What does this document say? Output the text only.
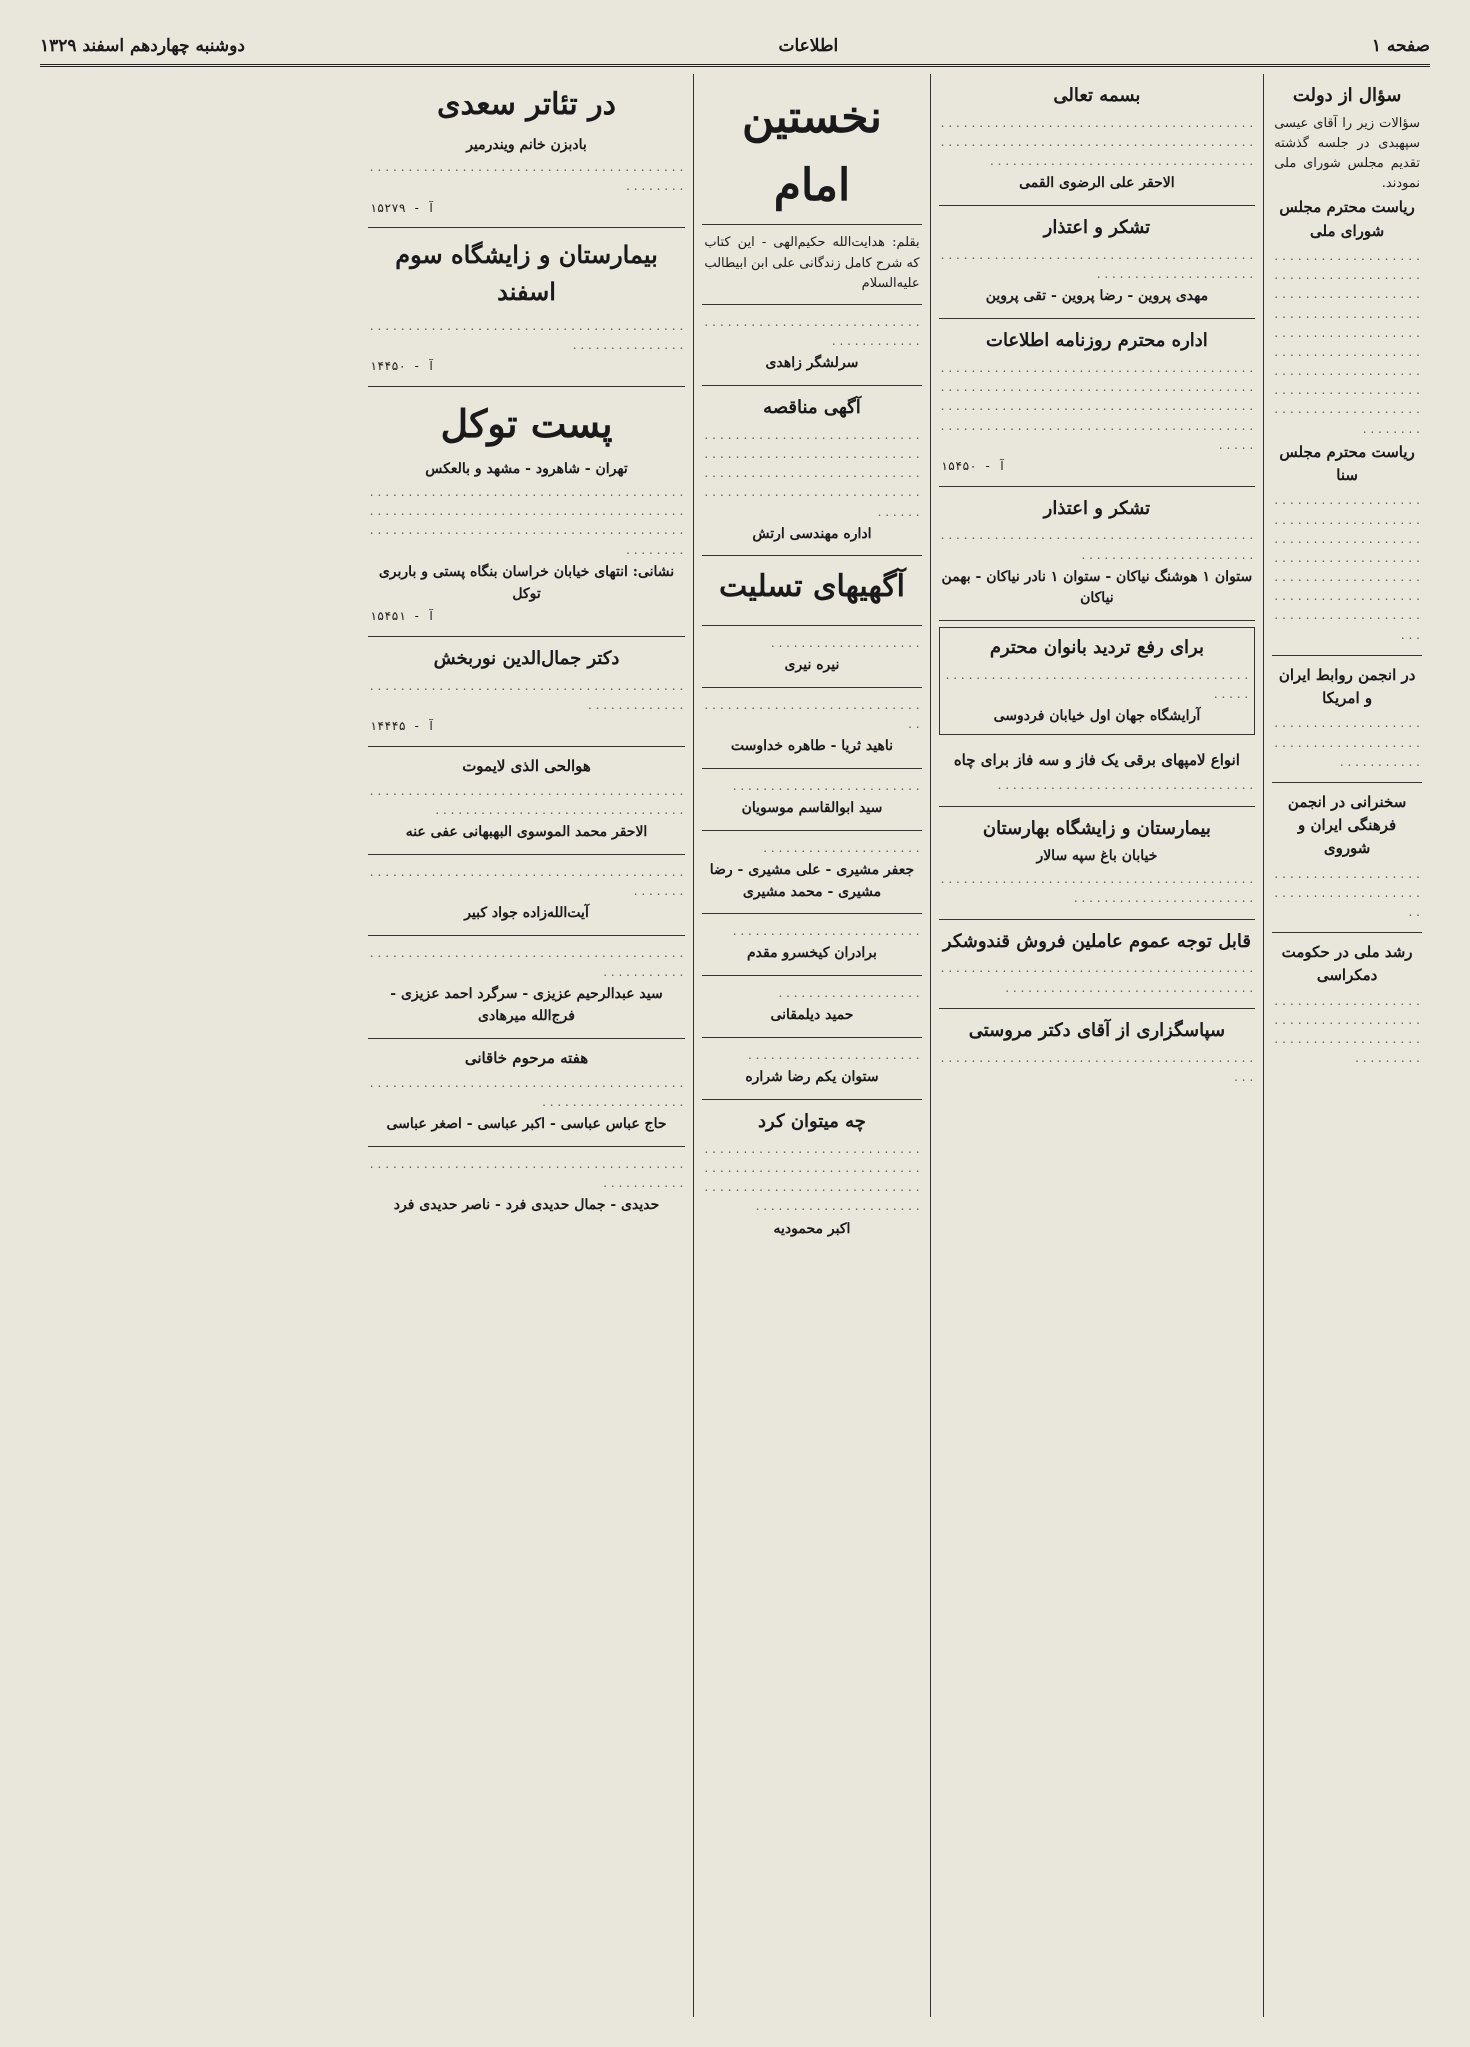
صفحه ۱
اطلاعات
دوشنبه چهاردهم اسفند ۱۳۲۹
سؤال از دولت

سؤالات زیر را آقای عیسی سپهبدی در جلسه گذشته تقدیم مجلس شورای ملی نمودند.

ریاست محترم مجلس شورای ملی

. . . . . . . . . . . . . . . . . . . . . . . . . . . . . . . . . . . . . . . . . . . . . . . . . . . . . . . . . . . . . . . . . . . . . . . . . . . . . . . . . . . . . . . . . . . . . . . . . . . . . . . . . . . . . . . . . . . . . . . . . . . . . . . . . . . . . . . . . . . . . . . . . . . . . . . . . . . . . . . . . . . . . . . . . . . . . . . . . . .

ریاست محترم مجلس سنا

. . . . . . . . . . . . . . . . . . . . . . . . . . . . . . . . . . . . . . . . . . . . . . . . . . . . . . . . . . . . . . . . . . . . . . . . . . . . . . . . . . . . . . . . . . . . . . . . . . . . . . . . . . . . . . . . . . . . . . . . . . . . . . . . . . . . . . . .

در انجمن روابط ایران و امریکا

. . . . . . . . . . . . . . . . . . . . . . . . . . . . . . . . . . . . . . . . . . . . . . . . .

سخنرانی در انجمن فرهنگی ایران و شوروی

. . . . . . . . . . . . . . . . . . . . . . . . . . . . . . . . . . . . . . . .

رشد ملی در حکومت دمکراسی

. . . . . . . . . . . . . . . . . . . . . . . . . . . . . . . . . . . . . . . . . . . . . . . . . . . . . . . . . . . . . . . . . .

بسمه تعالی

. . . . . . . . . . . . . . . . . . . . . . . . . . . . . . . . . . . . . . . . . . . . . . . . . . . . . . . . . . . . . . . . . . . . . . . . . . . . . . . . . . . . . . . . . . . . . . . . . . . . . . . . . . . . . . . . . . . . .

الاحقر علی الرضوی القمی

تشکر و اعتذار

. . . . . . . . . . . . . . . . . . . . . . . . . . . . . . . . . . . . . . . . . . . . . . . . . . . . . . . . . . . . . .

مهدی پروین - رضا پروین - تقی پروین

اداره محترم روزنامه اطلاعات

. . . . . . . . . . . . . . . . . . . . . . . . . . . . . . . . . . . . . . . . . . . . . . . . . . . . . . . . . . . . . . . . . . . . . . . . . . . . . . . . . . . . . . . . . . . . . . . . . . . . . . . . . . . . . . . . . . . . . . . . . . . . . . . . . . . . . . . . . . . . . . . . . . . . . . . . . . . . . . . . . . . . . . . . .

۱۵۴۵۰ - آ

تشکر و اعتذار

. . . . . . . . . . . . . . . . . . . . . . . . . . . . . . . . . . . . . . . . . . . . . . . . . . . . . . . . . . . . . . . .

ستوان ۱ هوشنگ نیاکان - ستوان ۱ نادر نیاکان - بهمن نیاکان

برای رفع تردید بانوان محترم

. . . . . . . . . . . . . . . . . . . . . . . . . . . . . . . . . . . . . . . . . . . . .

آرایشگاه جهان اول خیابان فردوسی

انواع لامپهای برقی یک فاز و سه فاز برای چاه

. . . . . . . . . . . . . . . . . . . . . . . . . . . . . . . . . .

بیمارستان و زایشگاه بهارستان

خیابان باغ سپه سالار

. . . . . . . . . . . . . . . . . . . . . . . . . . . . . . . . . . . . . . . . . . . . . . . . . . . . . . . . . . . . . . . . .

قابل توجه عموم عاملین فروش قندوشکر

. . . . . . . . . . . . . . . . . . . . . . . . . . . . . . . . . . . . . . . . . . . . . . . . . . . . . . . . . . . . . . . . . . . . . . . . . .

سپاسگزاری از آقای دکتر مروستی

. . . . . . . . . . . . . . . . . . . . . . . . . . . . . . . . . . . . . . . . . . . .

نخستین امام

بقلم: هدایت‌الله حکیم‌الهی - این کتاب که شرح کامل زندگانی علی ابن ابیطالب علیه‌السلام

. . . . . . . . . . . . . . . . . . . . . . . . . . . . . . . . . . . . . . . .

سرلشگر زاهدی

آگهی مناقصه

. . . . . . . . . . . . . . . . . . . . . . . . . . . . . . . . . . . . . . . . . . . . . . . . . . . . . . . . . . . . . . . . . . . . . . . . . . . . . . . . . . . . . . . . . . . . . . . . . . . . . . . . . . . . . . . . . . . . . .

اداره مهندسی ارتش

آگهیهای تسلیت

. . . . . . . . . . . . . . . . . . . .

نیره نیری

. . . . . . . . . . . . . . . . . . . . . . . . . . . . . .

ناهید ثریا - طاهره خداوست

. . . . . . . . . . . . . . . . . . . . . . . . .

سید ابوالقاسم موسویان

. . . . . . . . . . . . . . . . . . . . .

جعفر مشیری - علی مشیری - رضا مشیری - محمد مشیری

. . . . . . . . . . . . . . . . . . . . . . . . .

برادران کیخسرو مقدم

. . . . . . . . . . . . . . . . . . .

حمید دیلمقانی

. . . . . . . . . . . . . . . . . . . . . . .

ستوان یکم رضا شراره

چه میتوان کرد

. . . . . . . . . . . . . . . . . . . . . . . . . . . . . . . . . . . . . . . . . . . . . . . . . . . . . . . . . . . . . . . . . . . . . . . . . . . . . . . . . . . . . . . . . . . . . . . . . . . . . . . . . .

اکبر محمودیه

در تئاتر سعدی

بادبزن خانم ویندرمیر

. . . . . . . . . . . . . . . . . . . . . . . . . . . . . . . . . . . . . . . . . . . . . . . . .

۱۵۲۷۹ - آ

بیمارستان و زایشگاه سوم اسفند

. . . . . . . . . . . . . . . . . . . . . . . . . . . . . . . . . . . . . . . . . . . . . . . . . . . . . . . .

۱۴۴۵۰ - آ

پست توکل

تهران - شاهرود - مشهد و بالعکس

. . . . . . . . . . . . . . . . . . . . . . . . . . . . . . . . . . . . . . . . . . . . . . . . . . . . . . . . . . . . . . . . . . . . . . . . . . . . . . . . . . . . . . . . . . . . . . . . . . . . . . . . . . . . . . . . . . . . . . . . . . . . . . . . . . .

نشانی: انتهای خیابان خراسان بنگاه پستی و باربری توکل

۱۵۴۵۱ - آ

دکتر جمال‌الدین نوربخش

. . . . . . . . . . . . . . . . . . . . . . . . . . . . . . . . . . . . . . . . . . . . . . . . . . . . . .

۱۴۴۴۵ - آ

هوالحی الذی لایموت

. . . . . . . . . . . . . . . . . . . . . . . . . . . . . . . . . . . . . . . . . . . . . . . . . . . . . . . . . . . . . . . . . . . . . . . . . .

الاحقر محمد الموسوی البهبهانی عفی عنه

. . . . . . . . . . . . . . . . . . . . . . . . . . . . . . . . . . . . . . . . . . . . . . . .

آیت‌الله‌زاده جواد کبیر

. . . . . . . . . . . . . . . . . . . . . . . . . . . . . . . . . . . . . . . . . . . . . . . . . . . .

سید عبدالرحیم عزیزی - سرگرد احمد عزیزی - فرج‌الله میرهادی

هفته مرحوم خاقانی

. . . . . . . . . . . . . . . . . . . . . . . . . . . . . . . . . . . . . . . . . . . . . . . . . . . . . . . . . . . .

حاج عباس عباسی - اکبر عباسی - اصغر عباسی

. . . . . . . . . . . . . . . . . . . . . . . . . . . . . . . . . . . . . . . . . . . . . . . . . . . .

حدیدی - جمال حدیدی فرد - ناصر حدیدی فرد
